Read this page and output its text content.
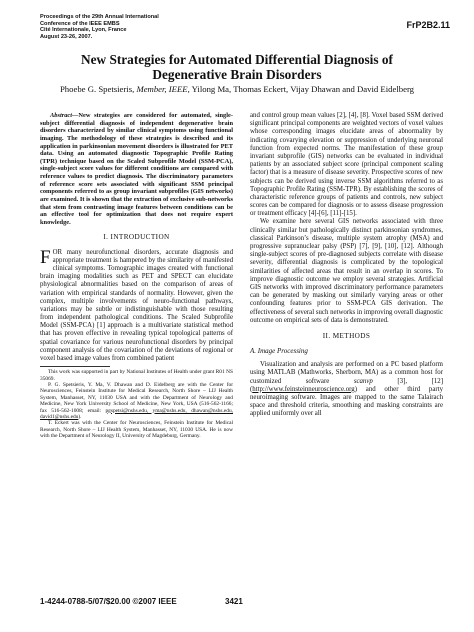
Proceedings of the 29th Annual International
Conference of the IEEE EMBS
Cité Internationale, Lyon, France
August 23-26, 2007.
FrP2B2.11
New Strategies for Automated Differential Diagnosis of
Degenerative Brain Disorders
Phoebe G. Spetsieris, Member, IEEE, Yilong Ma, Thomas Eckert, Vijay Dhawan and David Eidelberg

Abstract—New strategies are considered for automated, single-subject differential diagnosis of independent degenerative brain disorders characterized by similar clinical symptoms using functional imaging. The methodology of these strategies is described and its application in parkinsonian movement disorders is illustrated for PET data. Using an automated diagnostic Topographic Profile Rating (TPR) technique based on the Scaled Subprofile Model (SSM-PCA), single-subject score values for different conditions are compared with reference values to predict diagnosis. The discriminatory parameters of reference score sets associated with significant SSM principal components referred to as group invariant subprofiles (GIS networks) are examined. It is shown that the extraction of exclusive sub-networks that stem from contrasting image features between conditions can be an effective tool for optimization that does not require expert knowledge.

I. INTRODUCTION

FOR many neurofunctional disorders, accurate diagnosis and appropriate treatment is hampered by the similarity of manifested clinical symptoms. Tomographic images created with functional brain imaging modalities such as PET and SPECT can elucidate physiological abnormalities based on the comparison of areas of variation with empirical standards of normality. However, given the complex, multiple involvements of neuro-functional pathways, variations may be subtle or indistinguishable with those resulting from independent pathological conditions. The Scaled Subprofile Model (SSM-PCA) [1] approach is a multivariate statistical method that has proven effective in revealing typical topological patterns of spatial covariance for various neurofunctional disorders by principal component analysis of the covariation of the deviations of regional or voxel based image values from combined patient

This work was supported in part by National Institutes of Health under grant R01 NS 35069.

P. G. Spetsieris, Y. Ma, V. Dhawan and D. Eidelberg are with the Center for Neurosciences, Feinstein Institute for Medical Research, North Shore – LIJ Health System, Manhasset, NY, 11030 USA and with the Department of Neurology and Medicine, New York University School of Medicine, New York, USA (516-562-1166; fax 516-562-1008; email: pgspetsi@nshs.edu, yma@nshs.edu, dhawan@nshs.edu, david1@nshs.edu).

T. Eckert was with the Center for Neurosciences, Feinstein Institute for Medical Research, North Shore – LIJ Health System, Manhasset, NY, 11030 USA. He is now with the Department of Neurology II, University of Magdeburg, Germany.

and control group mean values [2], [4], [8]. Voxel based SSM derived significant principal components are weighted vectors of voxel values whose corresponding images elucidate areas of abnormality by indicating covarying elevation or suppression of underlying neuronal function from expected norms. The manifestation of these group invariant subprofile (GIS) networks can be evaluated in individual patients by an associated subject score (principal component scaling factor) that is a measure of disease severity. Prospective scores of new subjects can be derived using inverse SSM algorithms referred to as Topographic Profile Rating (SSM-TPR). By establishing the scores of characteristic reference groups of patients and controls, new subject scores can be compared for diagnosis or to assess disease progression or treatment efficacy [4]-[6], [11]-[15].

We examine here several GIS networks associated with three clinically similar but pathologically distinct parkinsonian syndromes, classical Parkinson’s disease, multiple system atrophy (MSA) and progressive supranuclear palsy (PSP) [7], [9], [10], [12]. Although single-subject scores of pre-diagnosed subjects correlate with disease severity, differential diagnosis is complicated by the topological similarities of affected areas that result in an overlap in scores. To improve diagnostic outcome we employ several strategies. Artificial GIS networks with improved discriminatory performance parameters can be generated by masking out similarly varying areas or other confounding features prior to SSM-PCA GIS derivation. The effectiveness of several such networks in improving overall diagnostic outcome on empirical sets of data is demonstrated.

II. METHODS
A. Image Processing

Visualization and analysis are performed on a PC based platform using MATLAB (Mathworks, Sherborn, MA) as a common host for customized software scanvp [3], [12] (http://www.feinsteinneuroscience.org) and other third party neuroimaging software. Images are mapped to the same Talairach space and threshold criteria, smoothing and masking constraints are applied uniformly over all

1-4244-0788-5/07/$20.00 ©2007 IEEE	3421
